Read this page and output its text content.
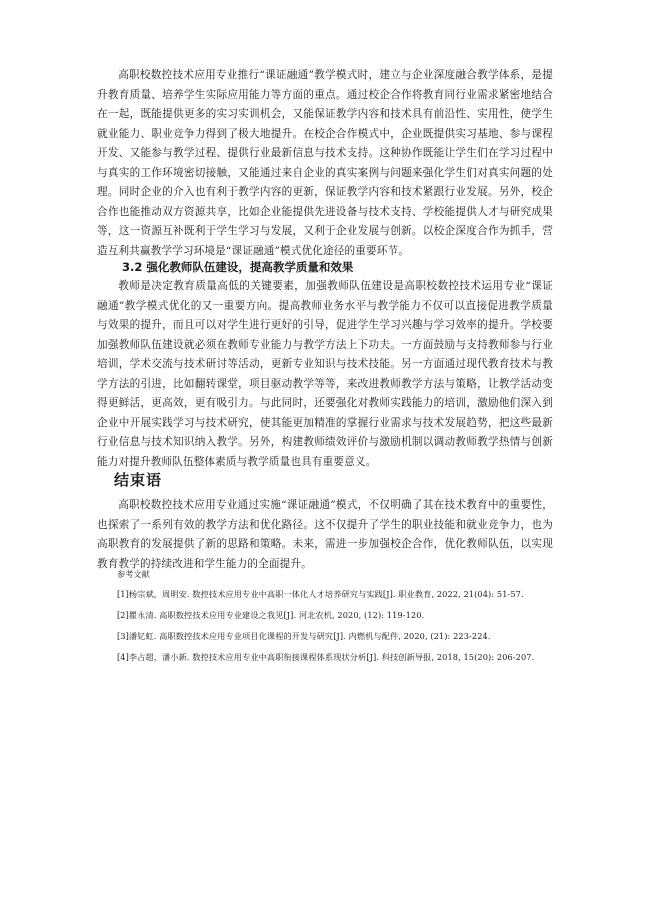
高职校数控技术应用专业推行“课证融通”教学模式时，建立与企业深度融合教学体系，是提升教育质量、培养学生实际应用能力等方面的重点。通过校企合作将教育同行业需求紧密地结合在一起，既能提供更多的实习实训机会，又能保证教学内容和技术具有前沿性、实用性，使学生就业能力、职业竞争力得到了极大地提升。在校企合作模式中，企业既提供实习基地、参与课程开发、又能参与教学过程、提供行业最新信息与技术支持。这种协作既能让学生们在学习过程中与真实的工作环境密切接触，又能通过来自企业的真实案例与问题来强化学生们对真实问题的处理。同时企业的介入也有利于教学内容的更新，保证教学内容和技术紧跟行业发展。另外，校企合作也能推动双方资源共享，比如企业能提供先进设备与技术支持、学校能提供人才与研究成果等，这一资源互补既利于学生学习与发展，又利于企业发展与创新。以校企深度合作为抓手，营造互利共赢教学学习环境是“课证融通”模式优化途径的重要环节。

3.2 强化教师队伍建设，提高教学质量和效果

教师是决定教育质量高低的关键要素，加强教师队伍建设是高职校数控技术运用专业“课证融通”教学模式优化的又一重要方向。提高教师业务水平与教学能力不仅可以直接促进教学质量与效果的提升，而且可以对学生进行更好的引导，促进学生学习兴趣与学习效率的提升。学校要加强教师队伍建设就必须在教师专业能力与教学方法上下功夫。一方面鼓励与支持教师参与行业培训，学术交流与技术研讨等活动，更新专业知识与技术技能。另一方面通过现代教育技术与教学方法的引进，比如翻转课堂，项目驱动教学等等，来改进教师教学方法与策略，让教学活动变得更鲜活，更高效，更有吸引力。与此同时，还要强化对教师实践能力的培训，激励他们深入到企业中开展实践学习与技术研究，使其能更加精准的掌握行业需求与技术发展趋势，把这些最新行业信息与技术知识纳入教学。另外，构建教师绩效评价与激励机制以调动教师教学热情与创新能力对提升教师队伍整体素质与教学质量也具有重要意义。

结束语

高职校数控技术应用专业通过实施“课证融通”模式，不仅明确了其在技术教育中的重要性，也探索了一系列有效的教学方法和优化路径。这不仅提升了学生的职业技能和就业竞争力，也为高职教育的发展提供了新的思路和策略。未来，需进一步加强校企合作，优化教师队伍，以实现教育教学的持续改进和学生能力的全面提升。

参考文献

[1]杨宗斌，周明安. 数控技术应用专业中高职一体化人才培养研究与实践[J]. 职业教育, 2022, 21(04): 51-57.

[2]瞿永清. 高职数控技术应用专业建设之我见[J]. 河北农机, 2020, (12): 119-120.

[3]潘钇虹. 高职数控技术应用专业项目化课程的开发与研究[J]. 内燃机与配件, 2020, (21): 223-224.

[4]李占超，潘小新. 数控技术应用专业中高职衔接课程体系现状分析[J]. 科技创新导报, 2018, 15(20): 206-207.
